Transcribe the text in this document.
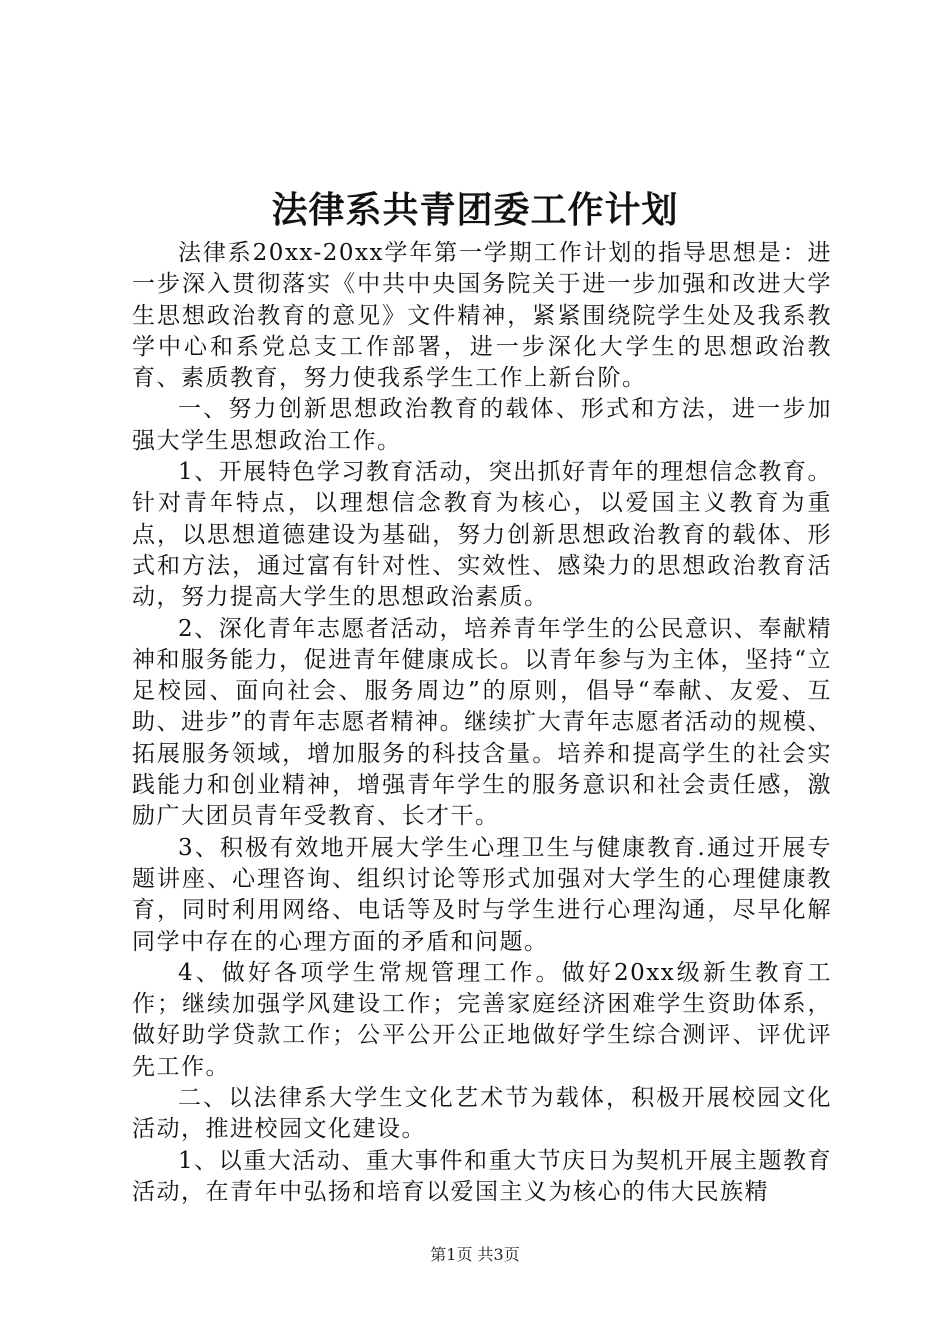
法律系共青团委工作计划

法律系20xx-20xx学年第一学期工作计划的指导思想是：进一步深入贯彻落实《中共中央国务院关于进一步加强和改进大学生思想政治教育的意见》文件精神，紧紧围绕院学生处及我系教学中心和系党总支工作部署，进一步深化大学生的思想政治教育、素质教育，努力使我系学生工作上新台阶。

一、努力创新思想政治教育的载体、形式和方法，进一步加强大学生思想政治工作。

1、开展特色学习教育活动，突出抓好青年的理想信念教育。针对青年特点，以理想信念教育为核心，以爱国主义教育为重点，以思想道德建设为基础，努力创新思想政治教育的载体、形式和方法，通过富有针对性、实效性、感染力的思想政治教育活动，努力提高大学生的思想政治素质。

2、深化青年志愿者活动，培养青年学生的公民意识、奉献精神和服务能力，促进青年健康成长。以青年参与为主体，坚持“立足校园、面向社会、服务周边”的原则，倡导“奉献、友爱、互助、进步”的青年志愿者精神。继续扩大青年志愿者活动的规模、拓展服务领域，增加服务的科技含量。培养和提高学生的社会实践能力和创业精神，增强青年学生的服务意识和社会责任感，激励广大团员青年受教育、长才干。

3、积极有效地开展大学生心理卫生与健康教育.通过开展专题讲座、心理咨询、组织讨论等形式加强对大学生的心理健康教育，同时利用网络、电话等及时与学生进行心理沟通，尽早化解同学中存在的心理方面的矛盾和问题。

4、做好各项学生常规管理工作。做好20xx级新生教育工作；继续加强学风建设工作；完善家庭经济困难学生资助体系，做好助学贷款工作；公平公开公正地做好学生综合测评、评优评先工作。

二、以法律系大学生文化艺术节为载体，积极开展校园文化活动，推进校园文化建设。

1、以重大活动、重大事件和重大节庆日为契机开展主题教育活动，在青年中弘扬和培育以爱国主义为核心的伟大民族精

第1页 共3页
